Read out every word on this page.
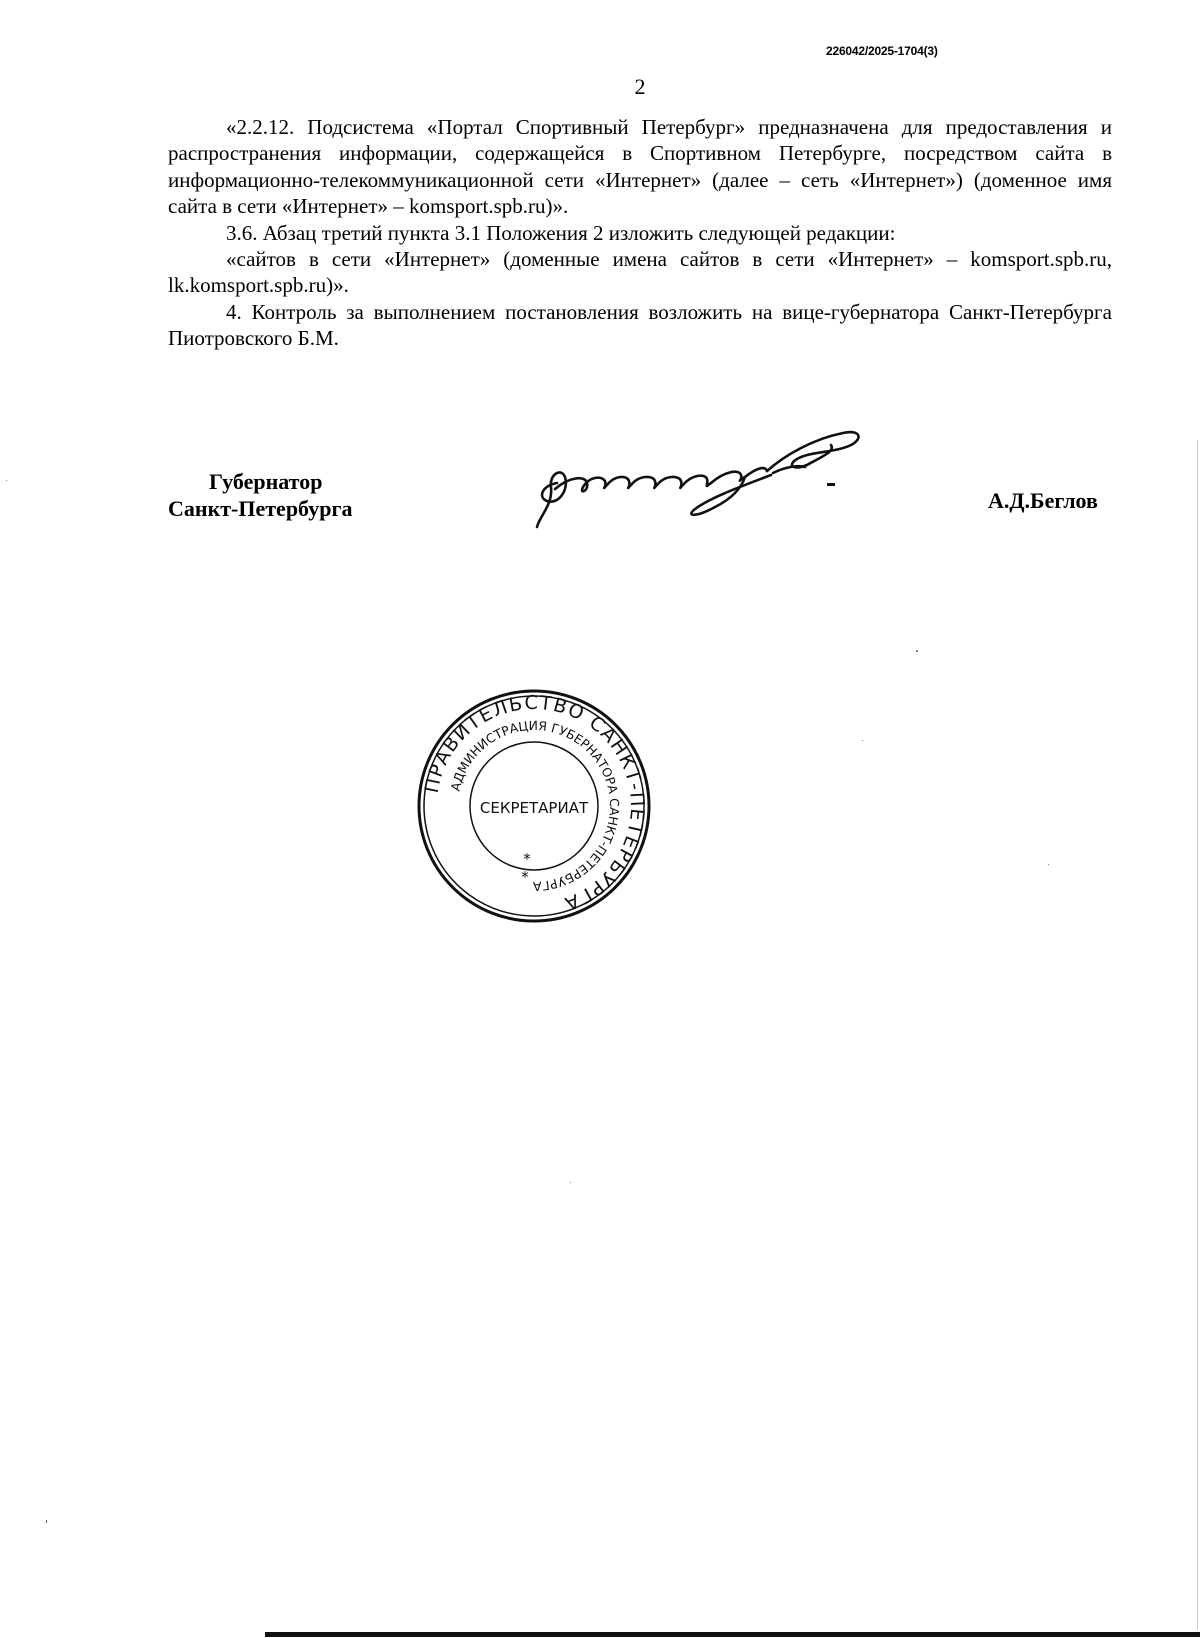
226042/2025-1704(3)
2

«2.2.12. Подсистема «Портал Спортивный Петербург» предназначена для предоставления и распространения информации, содержащейся в Спортивном Петербурге, посредством сайта в информационно-телекоммуникационной сети «Интернет» (далее – сеть «Интернет») (доменное имя сайта в сети «Интернет» – komsport.spb.ru)».

3.6. Абзац третий пункта 3.1 Положения 2 изложить следующей редакции:

«сайтов в сети «Интернет» (доменные имена сайтов в сети «Интернет» – komsport.spb.ru, lk.komsport.spb.ru)».

4. Контроль за выполнением постановления возложить на вице-губернатора Санкт-Петербурга Пиотровского Б.М.

Губернатор
Санкт-Петербурга	А.Д.Беглов
ПРАВИТЕЛЬСТВО САНКТ-ПЕТЕРБУРГА
АДМИНИСТРАЦИЯ ГУБЕРНАТОРА САНКТ-ПЕТЕРБУРГА
СЕКРЕТАРИАТ
*
*
